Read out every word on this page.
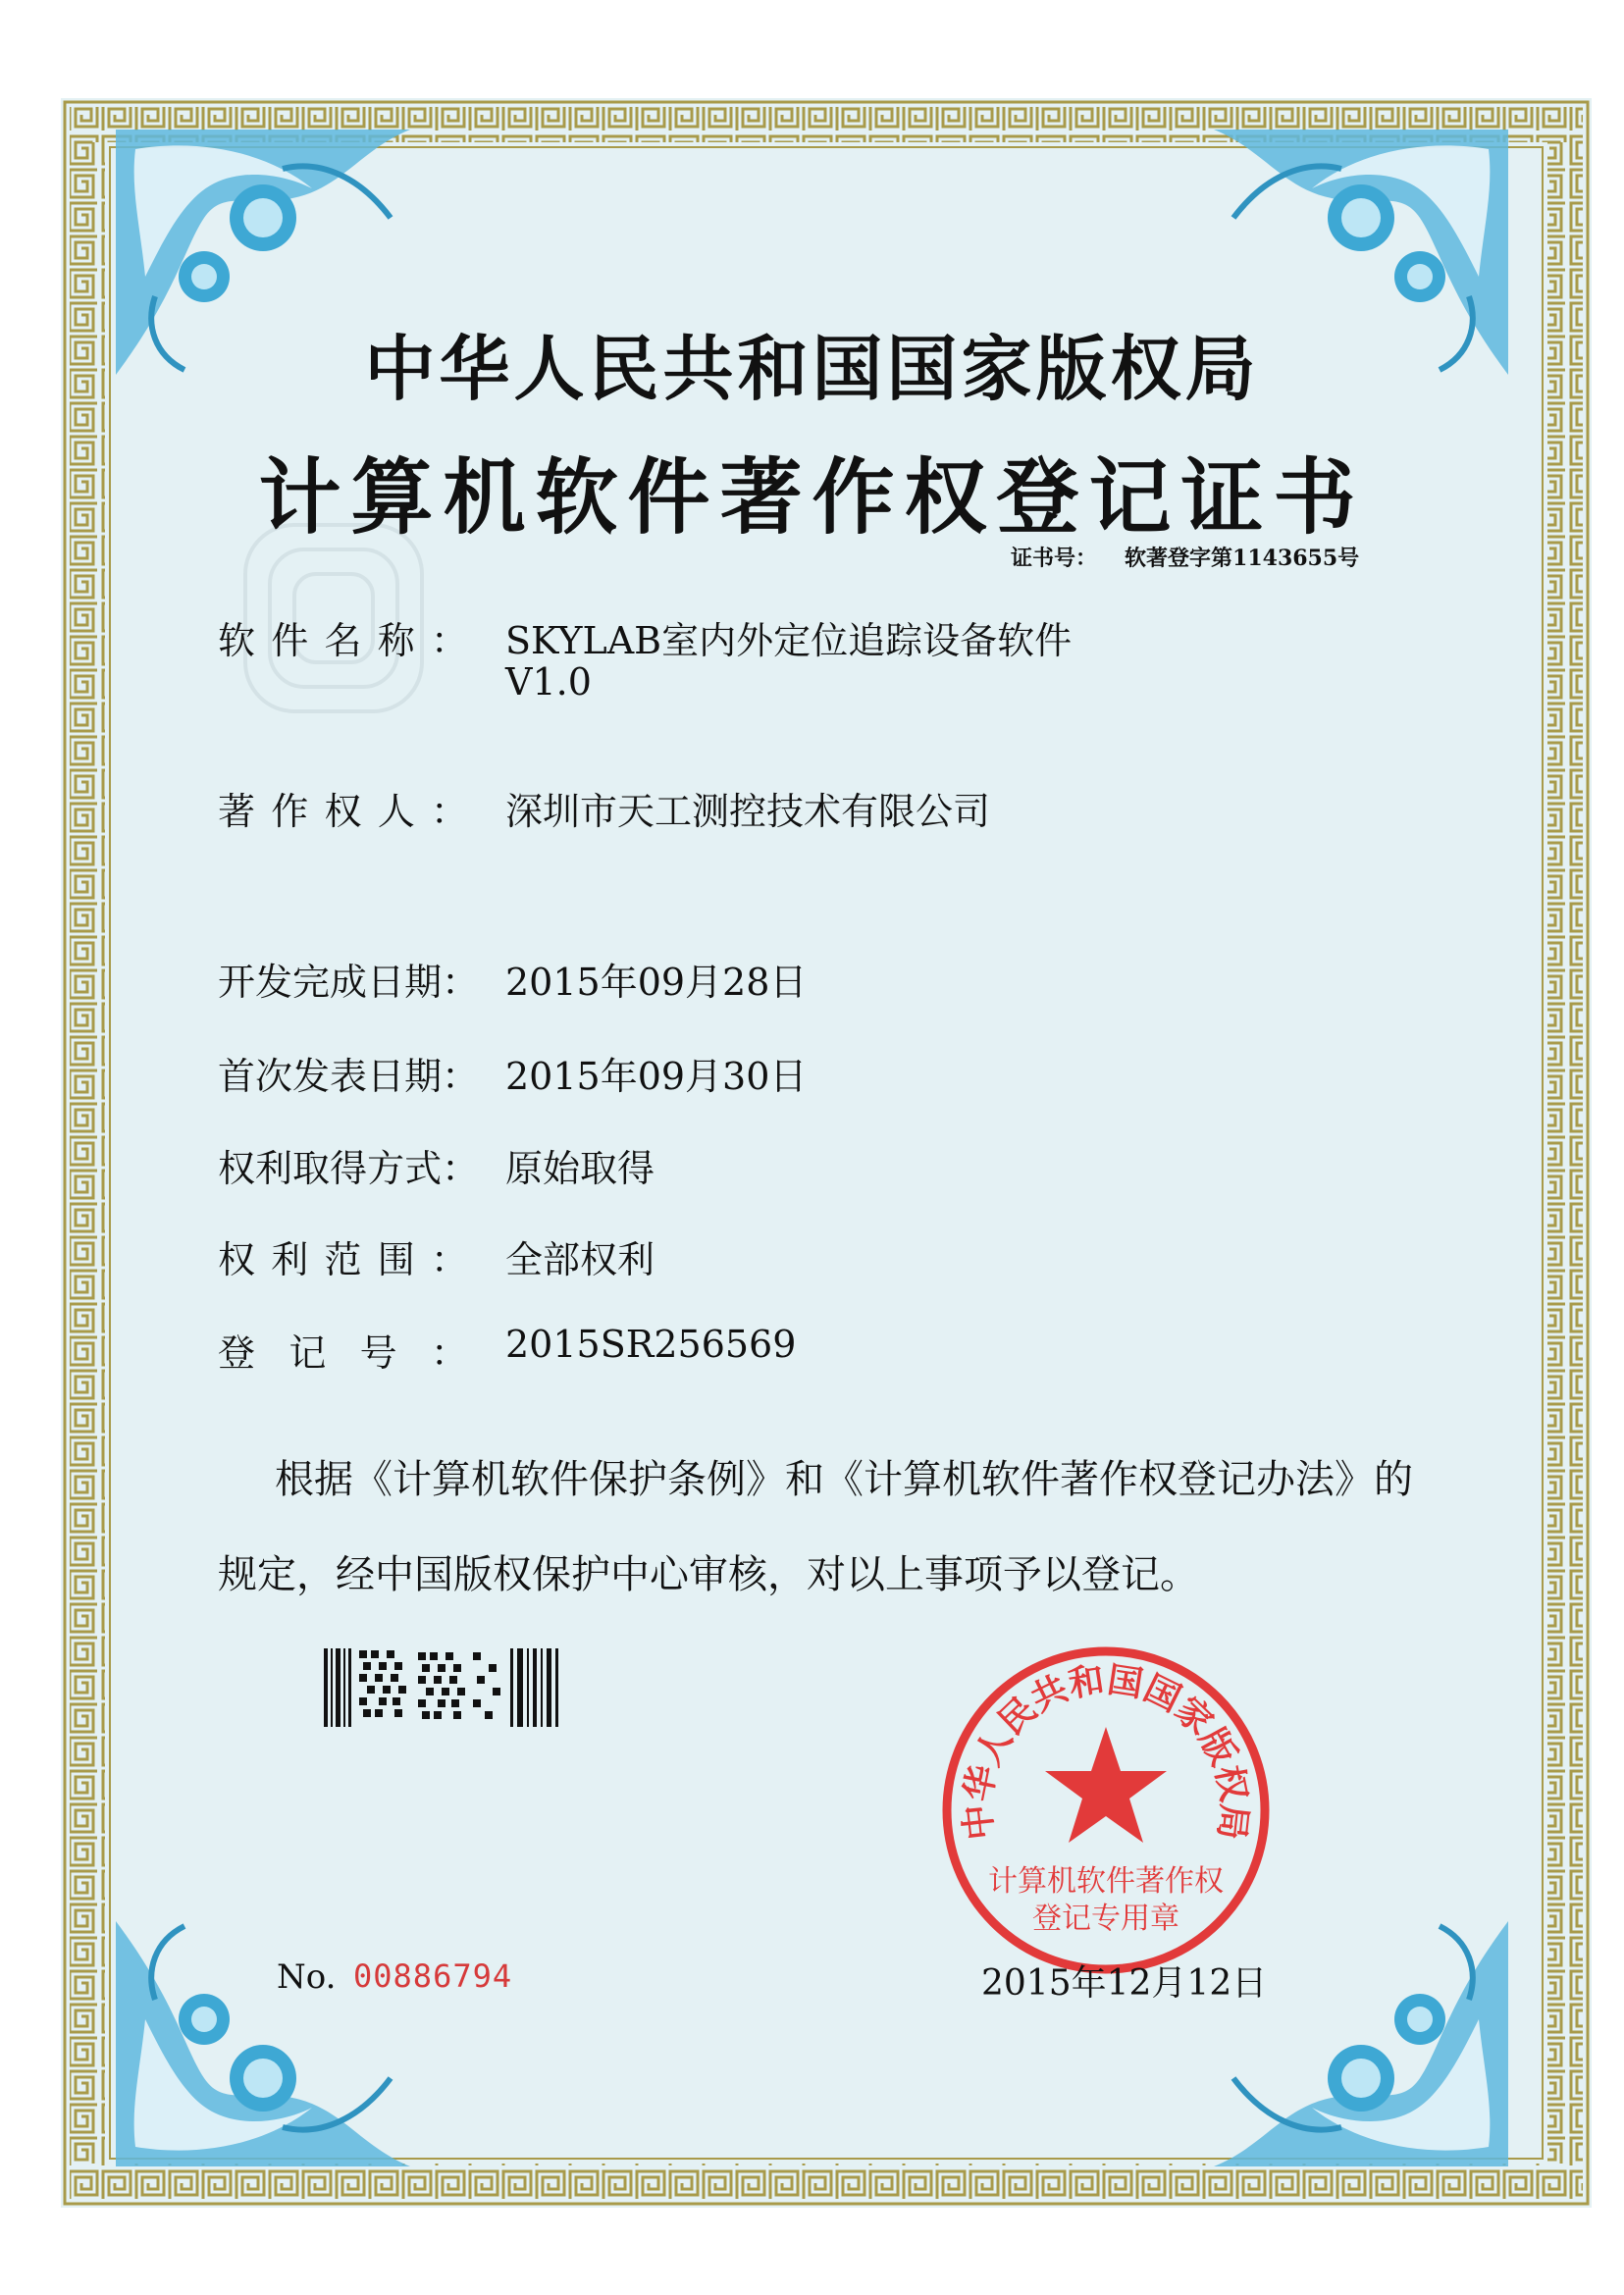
中华人民共和国国家版权局
计算机软件著作权登记证书
证书号： 软著登字第1143655号
软 件 名 称 ： SKYLAB室内外定位追踪设备软件
V1.0
著 作 权 人 ： 深圳市天工测控技术有限公司
开 发 完 成 日 期 ： 2015年09月28日
首 次 发 表 日 期 ： 2015年09月30日
权 利 取 得 方 式 ： 原始取得
权 利 范 围 ： 全部权利
登 记 号 ： 2015SR256569
根据《计算机软件保护条例》和《计算机软件著作权登记办法》的
规定，经中国版权保护中心审核，对以上事项予以登记。
中华人民共和国国家版权局
计算机软件著作权
登记专用章
No. 00886794	2015年12月12日
